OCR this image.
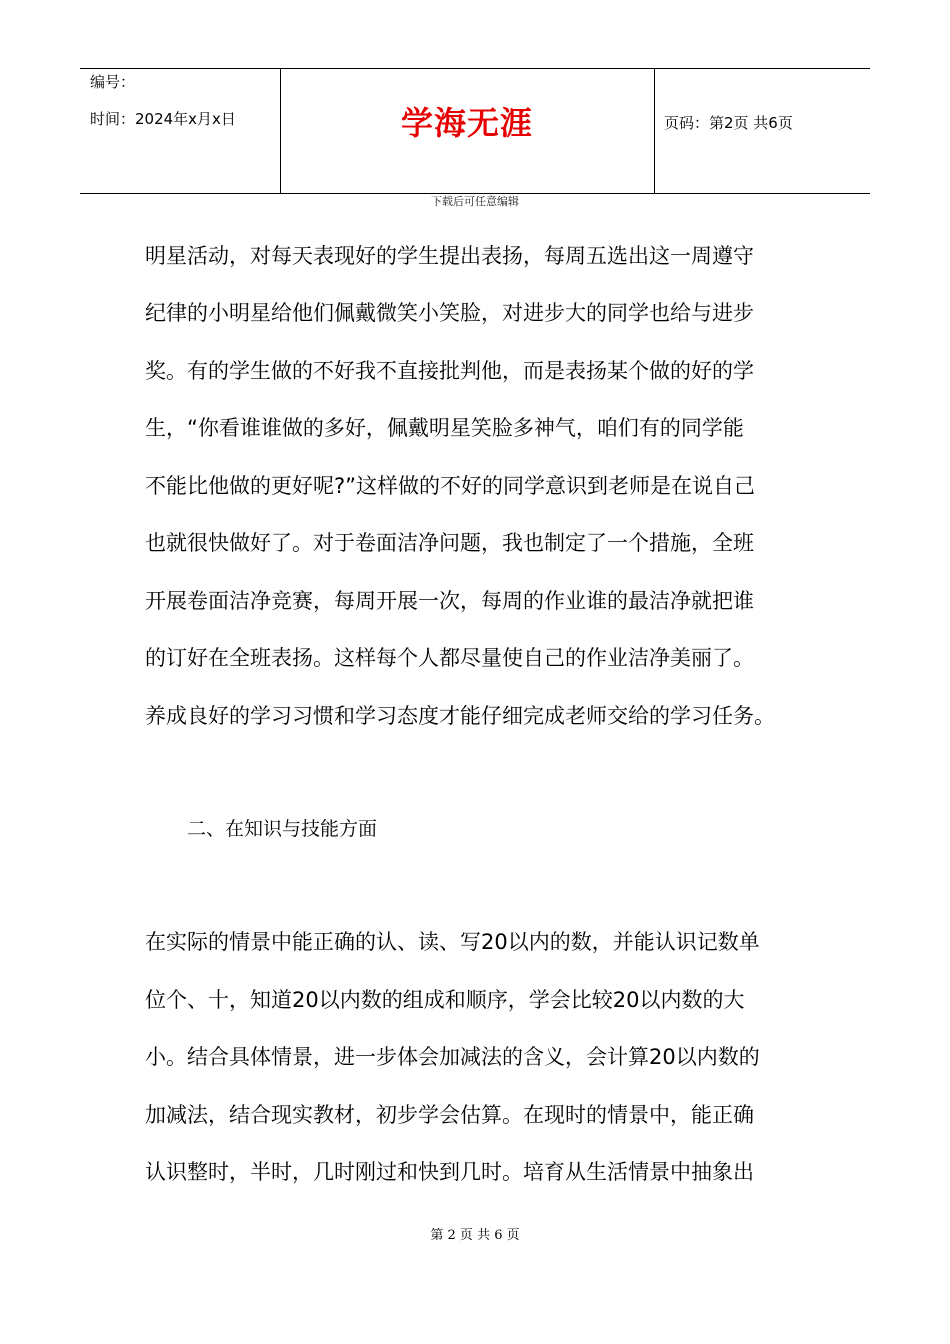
编号：
时间：2024年x月x日	学海无涯	页码：第2页 共6页
下载后可任意编辑
明星活动，对每天表现好的学生提出表扬，每周五选出这一周遵守
纪律的小明星给他们佩戴微笑小笑脸，对进步大的同学也给与进步
奖。有的学生做的不好我不直接批判他，而是表扬某个做的好的学
生，“你看谁谁做的多好，佩戴明星笑脸多神气，咱们有的同学能
不能比他做的更好呢?”这样做的不好的同学意识到老师是在说自己
也就很快做好了。对于卷面洁净问题，我也制定了一个措施，全班
开展卷面洁净竞赛，每周开展一次，每周的作业谁的最洁净就把谁
的订好在全班表扬。这样每个人都尽量使自己的作业洁净美丽了。
养成良好的学习习惯和学习态度才能仔细完成老师交给的学习任务。
二、在知识与技能方面
在实际的情景中能正确的认、读、写20以内的数，并能认识记数单
位个、十，知道20以内数的组成和顺序，学会比较20以内数的大
小。结合具体情景，进一步体会加减法的含义，会计算20以内数的
加减法，结合现实教材，初步学会估算。在现时的情景中，能正确
认识整时，半时，几时刚过和快到几时。培育从生活情景中抽象出
第 2 页 共 6 页
